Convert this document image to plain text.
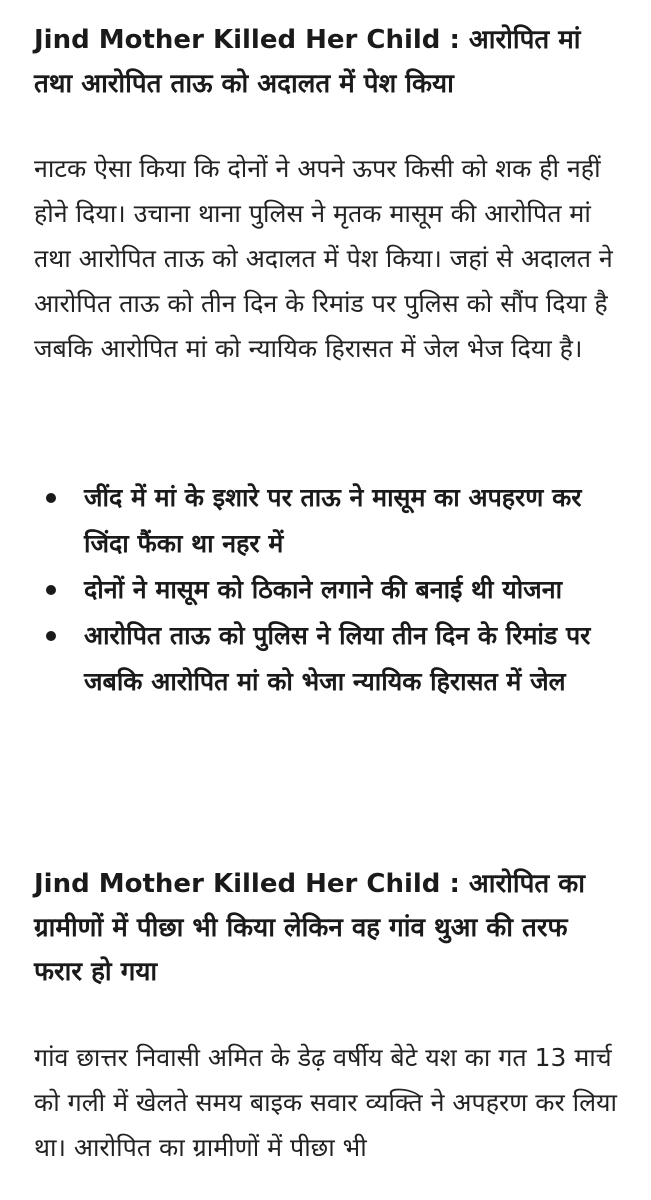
Jind Mother Killed Her Child : आरोपित मां तथा आरोपित ताऊ को अदालत में पेश किया

नाटक ऐसा किया कि दोनों ने अपने ऊपर किसी को शक ही नहीं होने दिया। उचाना थाना पुलिस ने मृतक मासूम की आरोपित मां तथा आरोपित ताऊ को अदालत में पेश किया। जहां से अदालत ने आरोपित ताऊ को तीन दिन के रिमांड पर पुलिस को सौंप दिया है जबकि आरोपित मां को न्यायिक हिरासत में जेल भेज दिया है।

जींद में मां के इशारे पर ताऊ ने मासूम का अपहरण कर जिंदा फैंका था नहर में
दोनों ने मासूम को ठिकाने लगाने की बनाई थी योजना
आरोपित ताऊ को पुलिस ने लिया तीन दिन के रिमांड पर जबकि आरोपित मां को भेजा न्यायिक हिरासत में जेल
Jind Mother Killed Her Child : आरोपित का ग्रामीणों में पीछा भी किया लेकिन वह गांव थुआ की तरफ फरार हो गया

गांव छात्तर निवासी अमित के डेढ़ वर्षीय बेटे यश का गत 13 मार्च को गली में खेलते समय बाइक सवार व्यक्ति ने अपहरण कर लिया था। आरोपित का ग्रामीणों में पीछा भी
